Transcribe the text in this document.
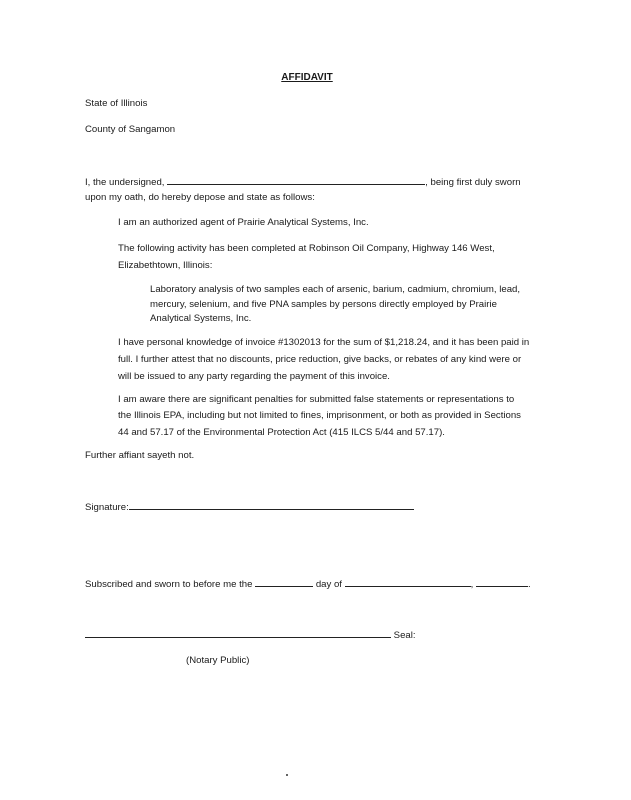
AFFIDAVIT
State of Illinois
County of Sangamon
I, the undersigned,	, being first duly sworn
upon my oath, do hereby depose and state as follows:
I am an authorized agent of Prairie Analytical Systems, Inc.
The following activity has been completed at Robinson Oil Company, Highway 146 West,
Elizabethtown, Illinois:
Laboratory analysis of two samples each of arsenic, barium, cadmium, chromium, lead,
mercury, selenium, and five PNA samples by persons directly employed by Prairie
Analytical Systems, Inc.
I have personal knowledge of invoice #1302013 for the sum of $1,218.24, and it has been paid in
full. I further attest that no discounts, price reduction, give backs, or rebates of any kind were or
will be issued to any party regarding the payment of this invoice.
I am aware there are significant penalties for submitted false statements or representations to
the Illinois EPA, including but not limited to fines, imprisonment, or both as provided in Sections
44 and 57.17 of the Environmental Protection Act (415 ILCS 5/44 and 57.17).
Further affiant sayeth not.
Signature:
Subscribed and sworn to before me the	day of	,	.
Seal:
(Notary Public)
